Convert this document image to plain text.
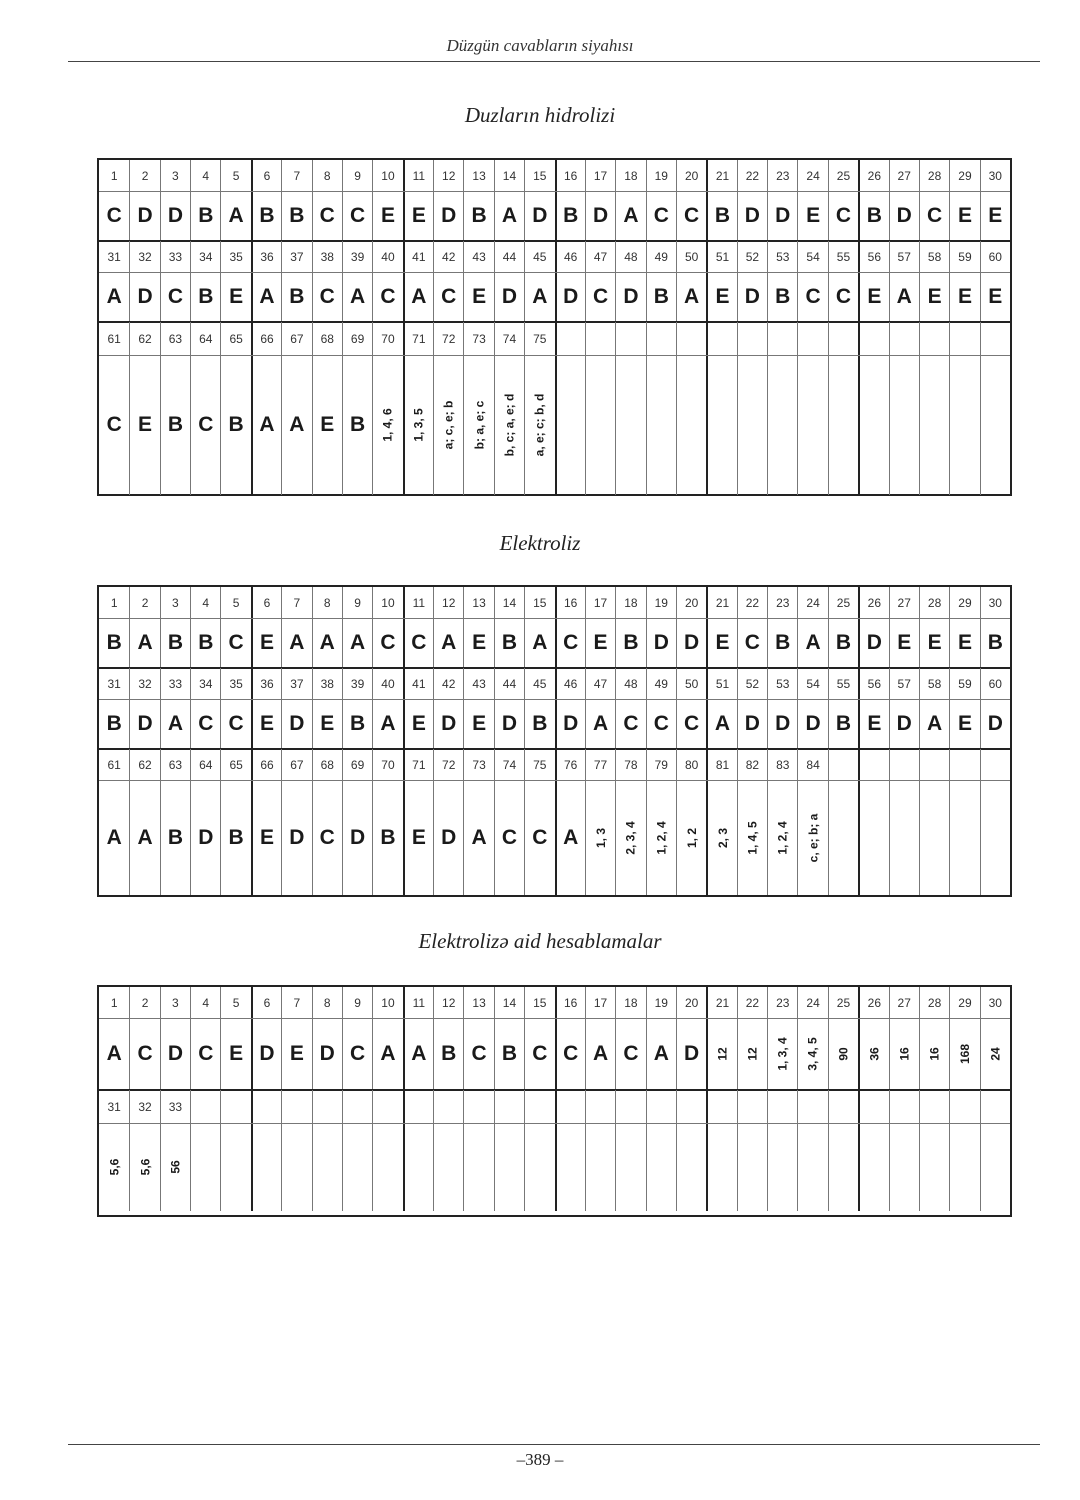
Düzgün cavabların siyahısı
Duzların hidrolizi
1 2 3 4 5 6 7 8 9 10 11 12 13 14 15 16 17 18 19 20 21 22 23 24 25 26 27 28 29 30
C D D B A B B C C E E D B A D B D A C C B D D E C B D C E E
31 32 33 34 35 36 37 38 39 40 41 42 43 44 45 46 47 48 49 50 51 52 53 54 55 56 57 58 59 60
A D C B E A B C A C A C E D A D C D B A E D B C C E A E E E
61 62 63 64 65 66 67 68 69 70 71 72 73 74 75
C E B C B A A E B 1, 4, 6 1, 3, 5 a; c, e; b b; a, e; c b, c; a, e; d a, e; c; b, d
Elektroliz
1 2 3 4 5 6 7 8 9 10 11 12 13 14 15 16 17 18 19 20 21 22 23 24 25 26 27 28 29 30
B A B B C E A A A C C A E B A C E B D D E C B A B D E E E B
31 32 33 34 35 36 37 38 39 40 41 42 43 44 45 46 47 48 49 50 51 52 53 54 55 56 57 58 59 60
B D A C C E D E B A E D E D B D A C C C A D D D B E D A E D
61 62 63 64 65 66 67 68 69 70 71 72 73 74 75 76 77 78 79 80 81 82 83 84
A A B D B E D C D B E D A C C A 1, 3 2, 3, 4 1, 2, 4 1, 2 2, 3 1, 4, 5 1, 2, 4 c, e; b; a
Elektrolizə aid hesablamalar
1 2 3 4 5 6 7 8 9 10 11 12 13 14 15 16 17 18 19 20 21 22 23 24 25 26 27 28 29 30
A C D C E D E D C A A B C B C C A C A D 12 12 1, 3, 4 3, 4, 5 90 36 16 16 168 24
31 32 33
5,6 5,6 56
–389 –
